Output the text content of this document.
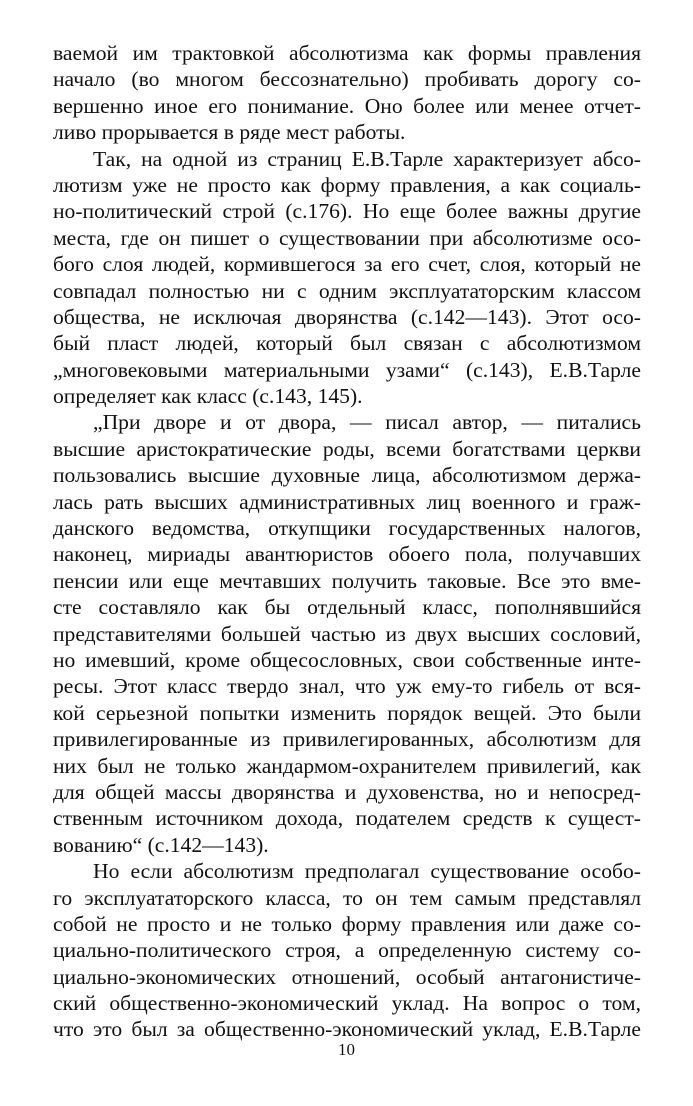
ваемой им трактовкой абсолютизма как формы правления
начало (во многом бессознательно) пробивать дорогу со-
вершенно иное его понимание. Оно более или менее отчет-
ливо прорывается в ряде мест работы.
Так, на одной из страниц Е.В.Тарле характеризует абсо-
лютизм уже не просто как форму правления, а как социаль-
но-политический строй (с.176). Но еще более важны другие
места, где он пишет о существовании при абсолютизме осо-
бого слоя людей, кормившегося за его счет, слоя, который не
совпадал полностью ни с одним эксплуататорским классом
общества, не исключая дворянства (с.142—143). Этот осо-
бый пласт людей, который был связан с абсолютизмом
„многовековыми материальными узами“ (с.143), Е.В.Тарле
определяет как класс (с.143, 145).
„При дворе и от двора, — писал автор, — питались
высшие аристократические роды, всеми богатствами церкви
пользовались высшие духовные лица, абсолютизмом держа-
лась рать высших административных лиц военного и граж-
данского ведомства, откупщики государственных налогов,
наконец, мириады авантюристов обоего пола, получавших
пенсии или еще мечтавших получить таковые. Все это вме-
сте составляло как бы отдельный класс, пополнявшийся
представителями большей частью из двух высших сословий,
но имевший, кроме общесословных, свои собственные инте-
ресы. Этот класс твердо знал, что уж ему-то гибель от вся-
кой серьезной попытки изменить порядок вещей. Это были
привилегированные из привилегированных, абсолютизм для
них был не только жандармом-охранителем привилегий, как
для общей массы дворянства и духовенства, но и непосред-
ственным источником дохода, подателем средств к сущест-
вованию“ (с.142—143).
Но если абсолютизм предполагал существование особо-
го эксплуататорского класса, то он тем самым представлял
собой не просто и не только форму правления или даже со-
циально-политического строя, а определенную систему со-
циально-экономических отношений, особый антагонистиче-
ский общественно-экономический уклад. На вопрос о том,
что это был за общественно-экономический уклад, Е.В.Тарле
10
